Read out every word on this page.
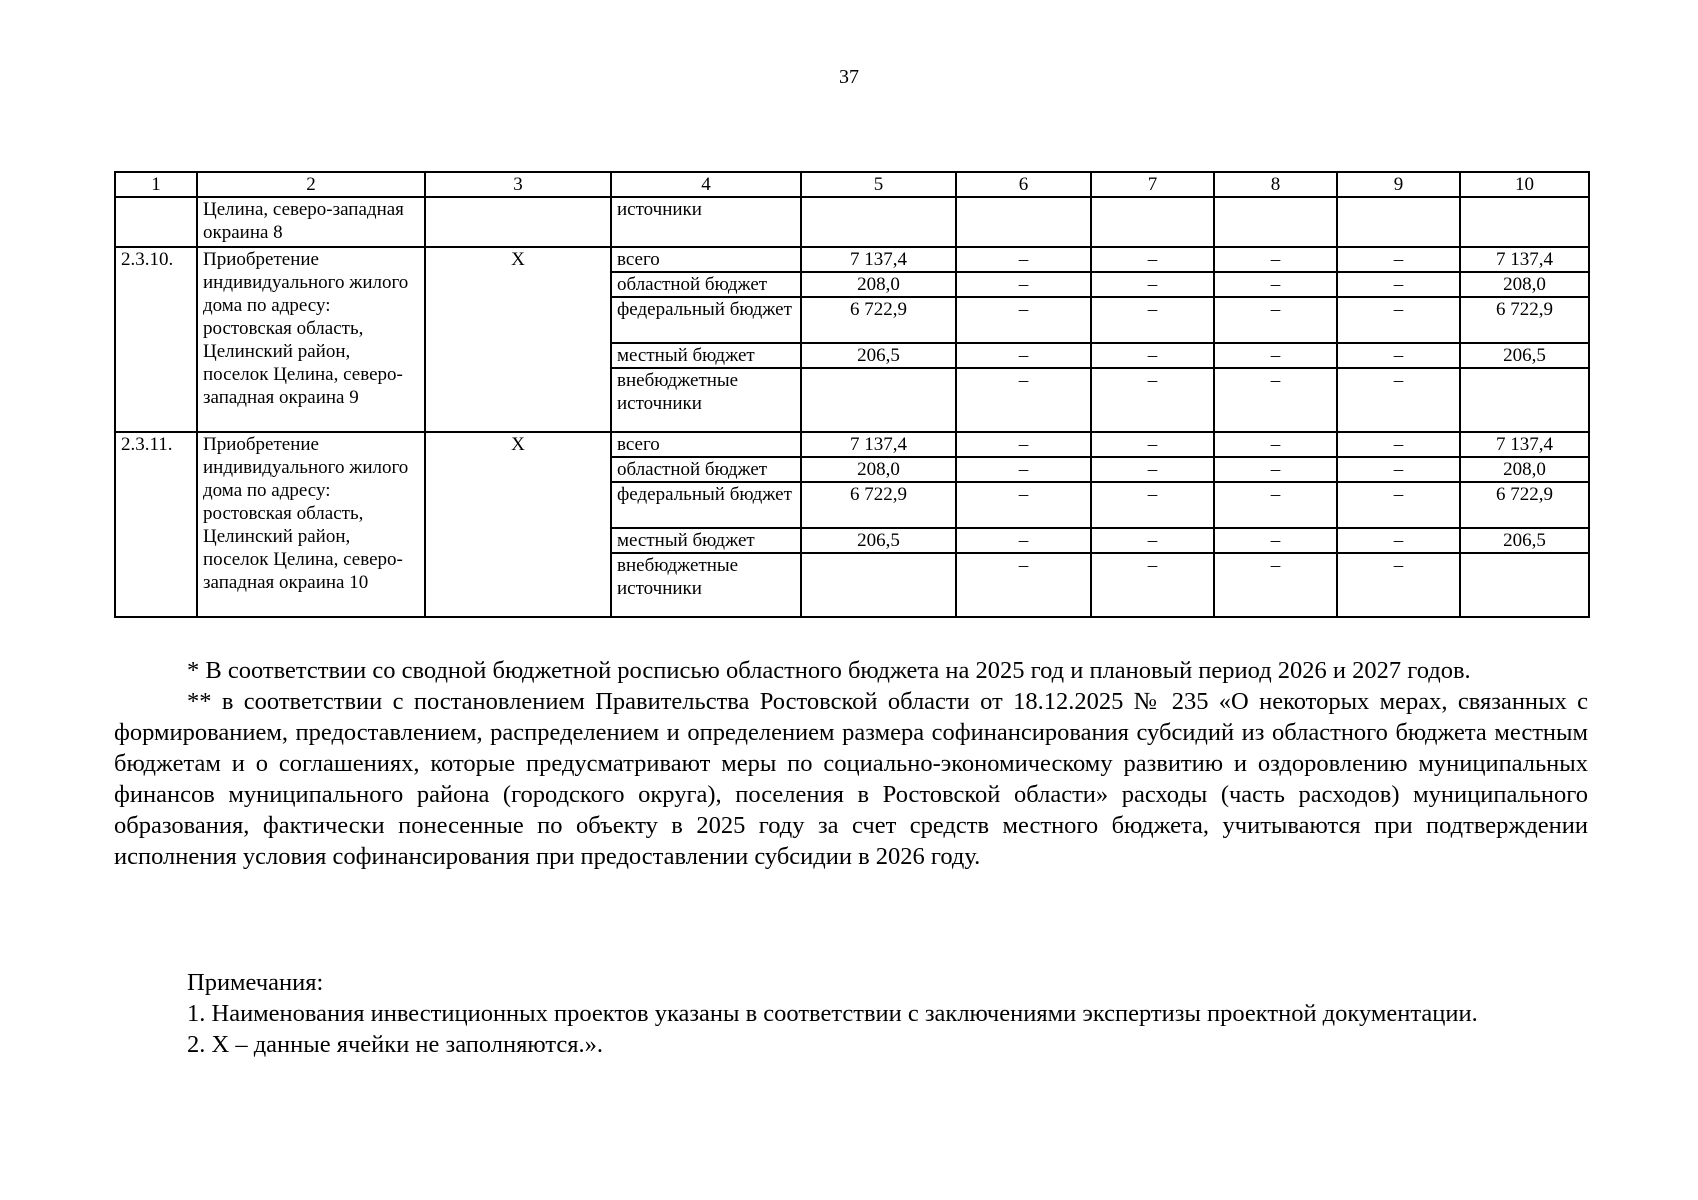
37
1	2	3	4	5	6	7	8	9	10
	Целина, северо-западная окраина 8		источники						
2.3.10.	Приобретение индивидуального жилого дома по адресу: ростовская область, Целинский район, поселок Целина, северо-западная окраина 9	X	всего	7 137,4	–	–	–	–	7 137,4
			областной бюджет	208,0	–	–	–	–	208,0
			федеральный бюджет	6 722,9	–	–	–	–	6 722,9
			местный бюджет	206,5	–	–	–	–	206,5
			внебюджетные источники		–	–	–	–	
2.3.11.	Приобретение индивидуального жилого дома по адресу: ростовская область, Целинский район, поселок Целина, северо-западная окраина 10	X	всего	7 137,4	–	–	–	–	7 137,4
			областной бюджет	208,0	–	–	–	–	208,0
			федеральный бюджет	6 722,9	–	–	–	–	6 722,9
			местный бюджет	206,5	–	–	–	–	206,5
			внебюджетные источники		–	–	–	–	

* В соответствии со сводной бюджетной росписью областного бюджета на 2025 год и плановый период 2026 и 2027 годов.

** в соответствии с постановлением Правительства Ростовской области от 18.12.2025 № 235 «О некоторых мерах, связанных с формированием, предоставлением, распределением и определением размера софинансирования субсидий из областного бюджета местным бюджетам и о соглашениях, которые предусматривают меры по социально-экономическому развитию и оздоровлению муниципальных финансов муниципального района (городского округа), поселения в Ростовской области» расходы (часть расходов) муниципального образования, фактически понесенные по объекту в 2025 году за счет средств местного бюджета, учитываются при подтверждении исполнения условия софинансирования при предоставлении субсидии в 2026 году.

Примечания:

1. Наименования инвестиционных проектов указаны в соответствии с заключениями экспертизы проектной документации.

2. X – данные ячейки не заполняются.».
